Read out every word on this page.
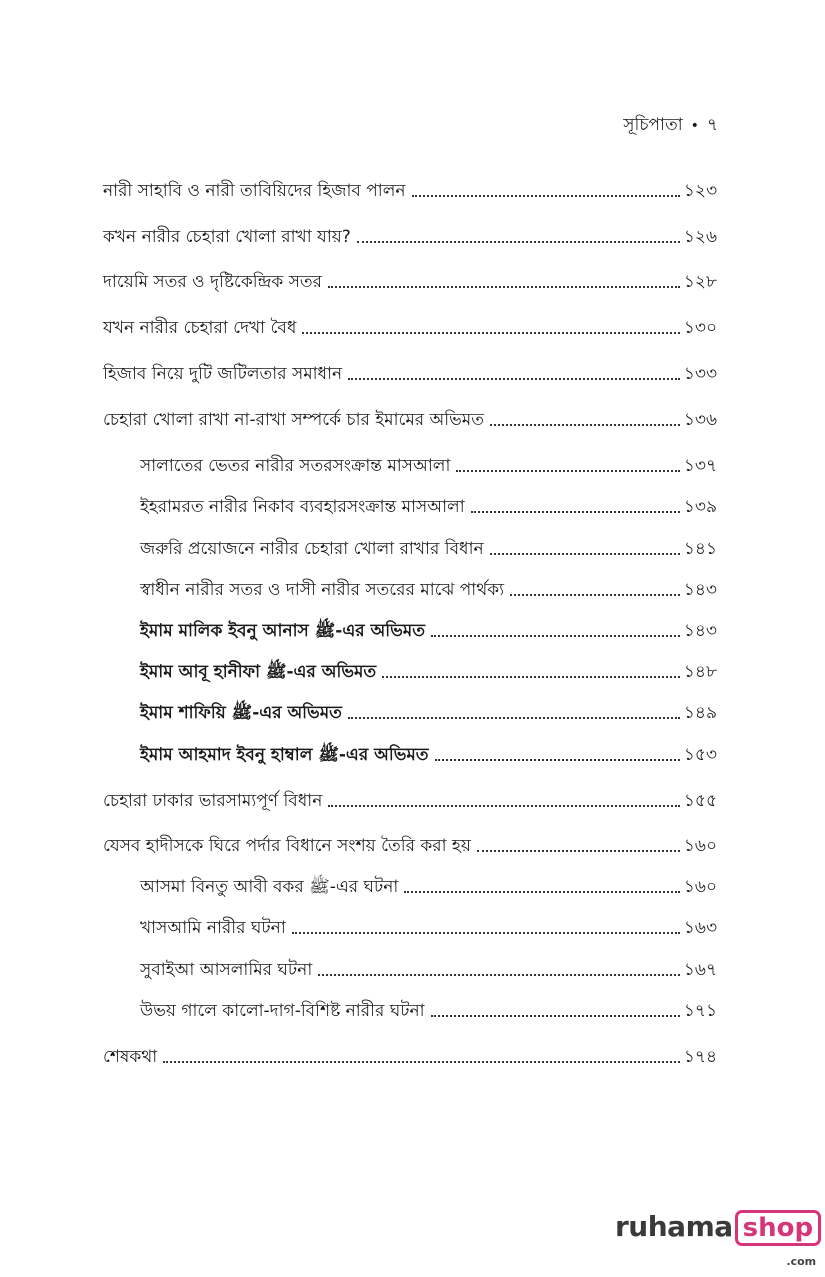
সূচিপাতা • ৭
নারী সাহাবি ও নারী তাবিয়িদের হিজাব পালন	১২৩
কখন নারীর চেহারা খোলা রাখা যায়?	১২৬
দায়েমি সতর ও দৃষ্টিকেন্দ্রিক সতর	১২৮
যখন নারীর চেহারা দেখা বৈধ	১৩০
হিজাব নিয়ে দুটি জটিলতার সমাধান	১৩৩
চেহারা খোলা রাখা না-রাখা সম্পর্কে চার ইমামের অভিমত	১৩৬
সালাতের ভেতর নারীর সতরসংক্রান্ত মাসআলা	১৩৭
ইহরামরত নারীর নিকাব ব্যবহারসংক্রান্ত মাসআলা	১৩৯
জরুরি প্রয়োজনে নারীর চেহারা খোলা রাখার বিধান	১৪১
স্বাধীন নারীর সতর ও দাসী নারীর সতরের মাঝে পার্থক্য	১৪৩
ইমাম মালিক ইবনু আনাস ﷺ-এর অভিমত	১৪৩
ইমাম আবূ হানীফা ﷺ-এর অভিমত	১৪৮
ইমাম শাফিয়ি ﷺ-এর অভিমত	১৪৯
ইমাম আহমাদ ইবনু হাম্বাল ﷺ-এর অভিমত	১৫৩
চেহারা ঢাকার ভারসাম্যপূর্ণ বিধান	১৫৫
যেসব হাদীসকে ঘিরে পর্দার বিধানে সংশয় তৈরি করা হয়	১৬০
আসমা বিনতু আবী বকর ﷺ-এর ঘটনা	১৬০
খাসআমি নারীর ঘটনা	১৬৩
সুবাইআ আসলামির ঘটনা	১৬৭
উভয় গালে কালো-দাগ-বিশিষ্ট নারীর ঘটনা	১৭১
শেষকথা	১৭৪
ruhama shop
.com
